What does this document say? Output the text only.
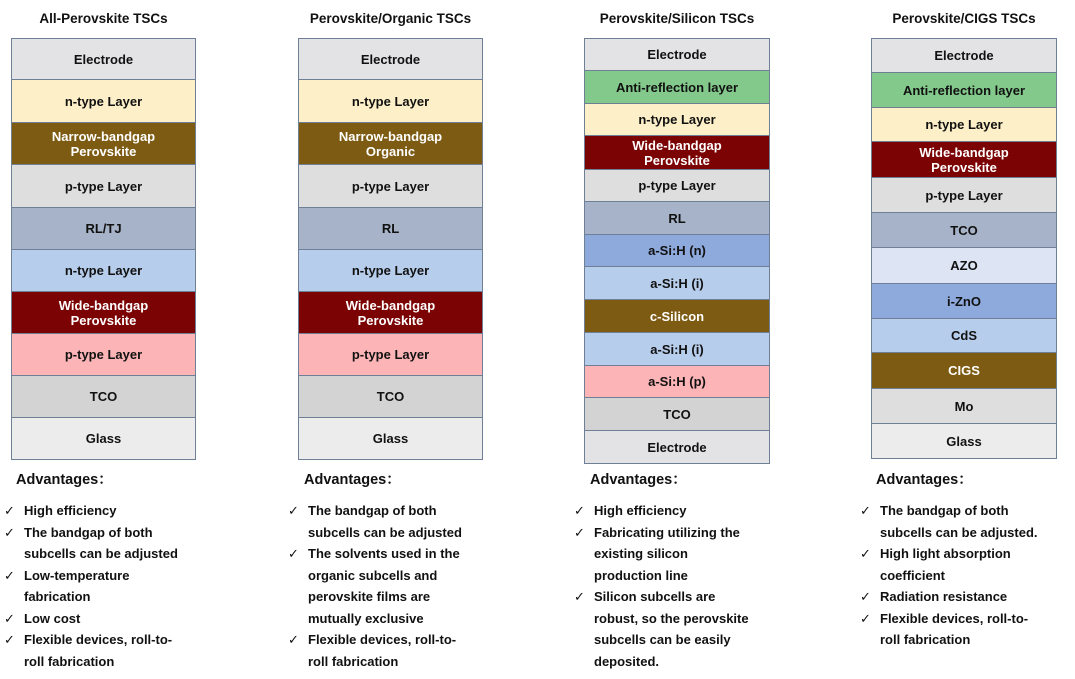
All-Perovskite TSCs
Electrode
n-type Layer
Narrow-bandgap
Perovskite
p-type Layer
RL/TJ
n-type Layer
Wide-bandgap
Perovskite
p-type Layer
TCO
Glass
Advantages：
✓ High efficiency
✓ The bandgap of both
subcells can be adjusted
✓ Low-temperature
fabrication
✓ Low cost
✓ Flexible devices, roll-to-
roll fabrication
Perovskite/Organic TSCs
Electrode
n-type Layer
Narrow-bandgap
Organic
p-type Layer
RL
n-type Layer
Wide-bandgap
Perovskite
p-type Layer
TCO
Glass
Advantages：
✓ The bandgap of both
subcells can be adjusted
✓ The solvents used in the
organic subcells and
perovskite films are
mutually exclusive
✓ Flexible devices, roll-to-
roll fabrication
Perovskite/Silicon TSCs
Electrode
Anti-reflection layer
n-type Layer
Wide-bandgap
Perovskite
p-type Layer
RL
a-Si:H (n)
a-Si:H (i)
c-Silicon
a-Si:H (i)
a-Si:H (p)
TCO
Electrode
Advantages：
✓ High efficiency
✓ Fabricating utilizing the
existing silicon
production line
✓ Silicon subcells are
robust, so the perovskite
subcells can be easily
deposited.
Perovskite/CIGS TSCs
Electrode
Anti-reflection layer
n-type Layer
Wide-bandgap
Perovskite
p-type Layer
TCO
AZO
i-ZnO
CdS
CIGS
Mo
Glass
Advantages：
✓ The bandgap of both
subcells can be adjusted.
✓ High light absorption
coefficient
✓ Radiation resistance
✓ Flexible devices, roll-to-
roll fabrication
